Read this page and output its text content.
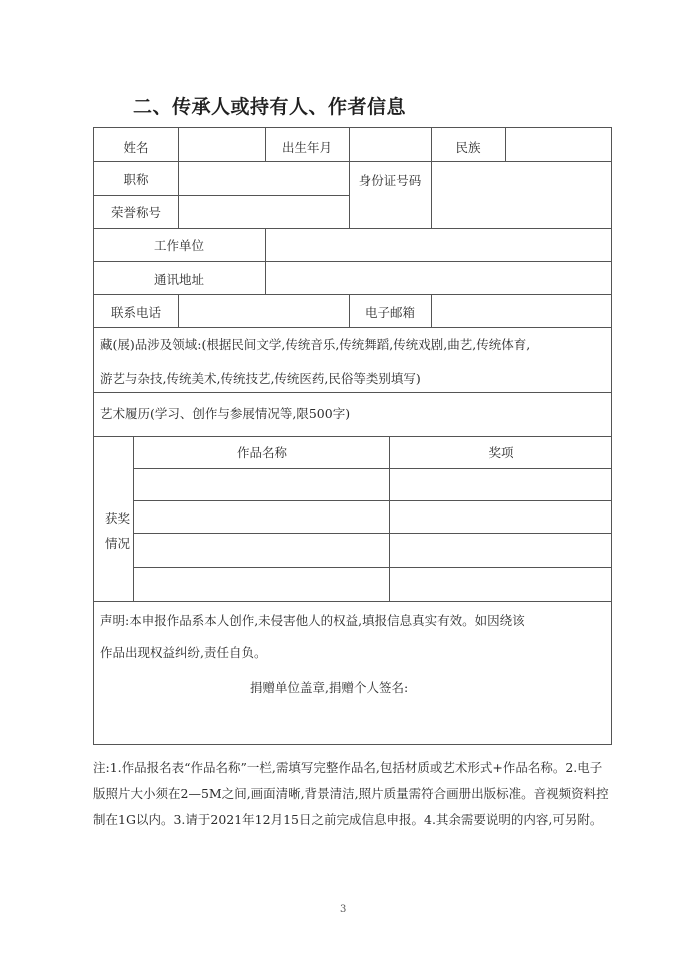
二、传承人或持有人、作者信息
姓名	出生年月	民族
职称	身份证号码
荣誉称号
工作单位
通讯地址
联系电话	电子邮箱
藏(展)品涉及领域:(根据民间文学,传统音乐,传统舞蹈,传统戏剧,曲艺,传统体育,
游艺与杂技,传统美术,传统技艺,传统医药,民俗等类别填写)
艺术履历(学习、创作与参展情况等,限500字)
获奖
情况
作品名称	奖项
声明:本申报作品系本人创作,未侵害他人的权益,填报信息真实有效。如因绕该
作品出现权益纠纷,责任自负。
捐赠单位盖章,捐赠个人签名:
注:1.作品报名表“作品名称”一栏,需填写完整作品名,包括材质或艺术形式+作品名称。2.电子版照片大小须在2—5M之间,画面清晰,背景清洁,照片质量需符合画册出版标准。音视频资料控制在1G以内。3.请于2021年12月15日之前完成信息申报。4.其余需要说明的内容,可另附。
3
